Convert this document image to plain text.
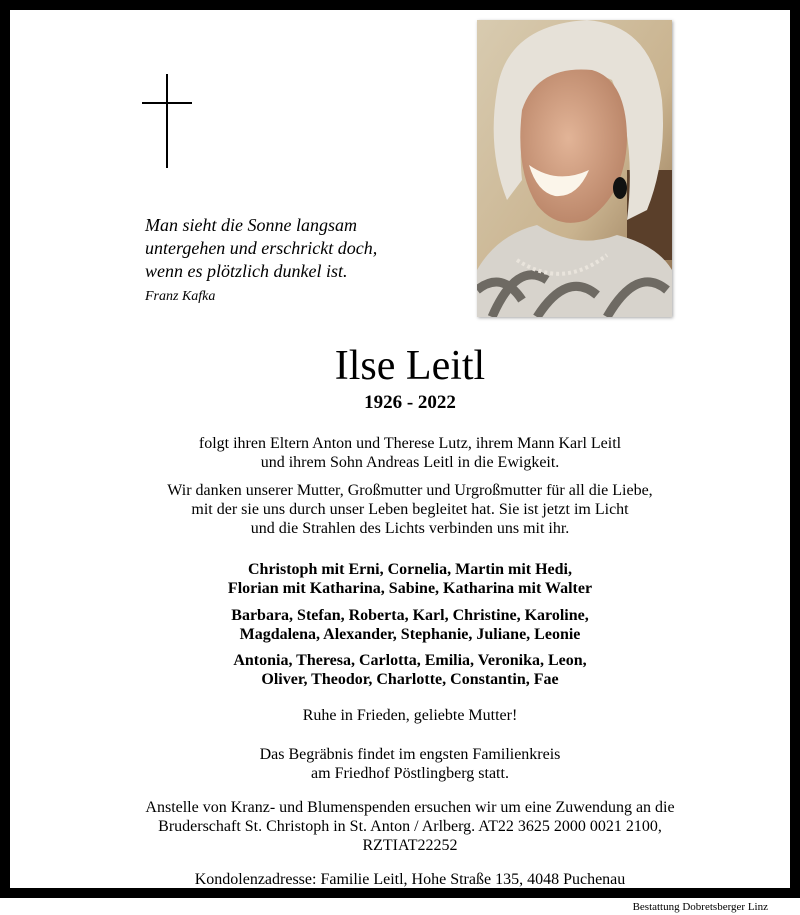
Man sieht die Sonne langsam
untergehen und erschrickt doch,
wenn es plötzlich dunkel ist.
Franz Kafka
Ilse Leitl
1926 - 2022
folgt ihren Eltern Anton und Therese Lutz, ihrem Mann Karl Leitl
und ihrem Sohn Andreas Leitl in die Ewigkeit.
Wir danken unserer Mutter, Großmutter und Urgroßmutter für all die Liebe,
mit der sie uns durch unser Leben begleitet hat. Sie ist jetzt im Licht
und die Strahlen des Lichts verbinden uns mit ihr.
Christoph mit Erni, Cornelia, Martin mit Hedi,
Florian mit Katharina, Sabine, Katharina mit Walter
Barbara, Stefan, Roberta, Karl, Christine, Karoline,
Magdalena, Alexander, Stephanie, Juliane, Leonie
Antonia, Theresa, Carlotta, Emilia, Veronika, Leon,
Oliver, Theodor, Charlotte, Constantin, Fae
Ruhe in Frieden, geliebte Mutter!
Das Begräbnis findet im engsten Familienkreis
am Friedhof Pöstlingberg statt.
Anstelle von Kranz- und Blumenspenden ersuchen wir um eine Zuwendung an die
Bruderschaft St. Christoph in St. Anton / Arlberg. AT22 3625 2000 0021 2100,
RZTIAT22252
Kondolenzadresse: Familie Leitl, Hohe Straße 135, 4048 Puchenau
Bestattung Dobretsberger Linz
